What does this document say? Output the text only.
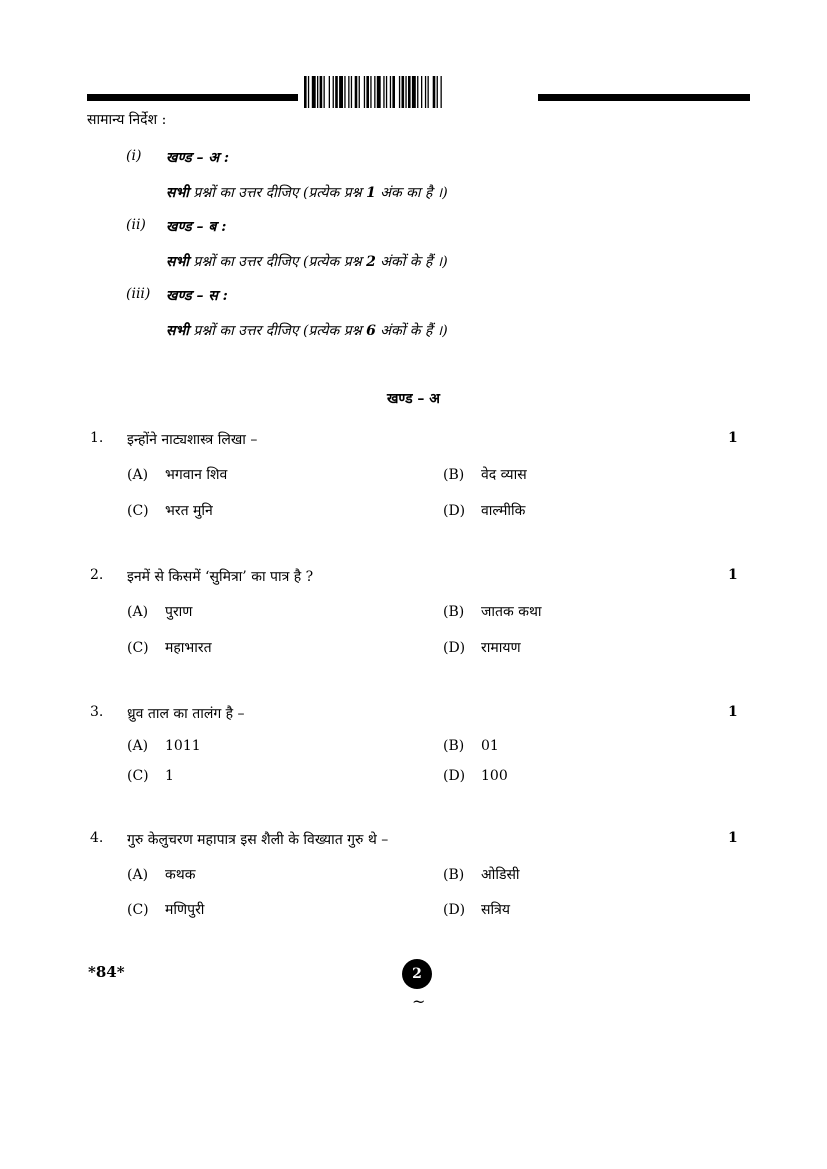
सामान्य निर्देश :
(i) खण्ड – अ :
सभी प्रश्नों का उत्तर दीजिए (प्रत्येक प्रश्न 1 अंक का है ।)
(ii) खण्ड – ब :
सभी प्रश्नों का उत्तर दीजिए (प्रत्येक प्रश्न 2 अंकों के हैं ।)
(iii) खण्ड – स :
सभी प्रश्नों का उत्तर दीजिए (प्रत्येक प्रश्न 6 अंकों के हैं ।)
खण्ड – अ
1. इन्होंने नाट्यशास्त्र लिखा –	1
(A) भगवान शिव	(B) वेद व्यास
(C) भरत मुनि	(D) वाल्मीकि
2. इनमें से किसमें ‘सुमित्रा’ का पात्र है ?	1
(A) पुराण	(B) जातक कथा
(C) महाभारत	(D) रामायण
3. ध्रुव ताल का तालंग है –	1
(A) 1011	(B) 01
(C) 1	(D) 100
4. गुरु केलुचरण महापात्र इस शैली के विख्यात गुरु थे –	1
(A) कथक	(B) ओडिसी
(C) मणिपुरी	(D) सत्रिय
*84*	2
~
